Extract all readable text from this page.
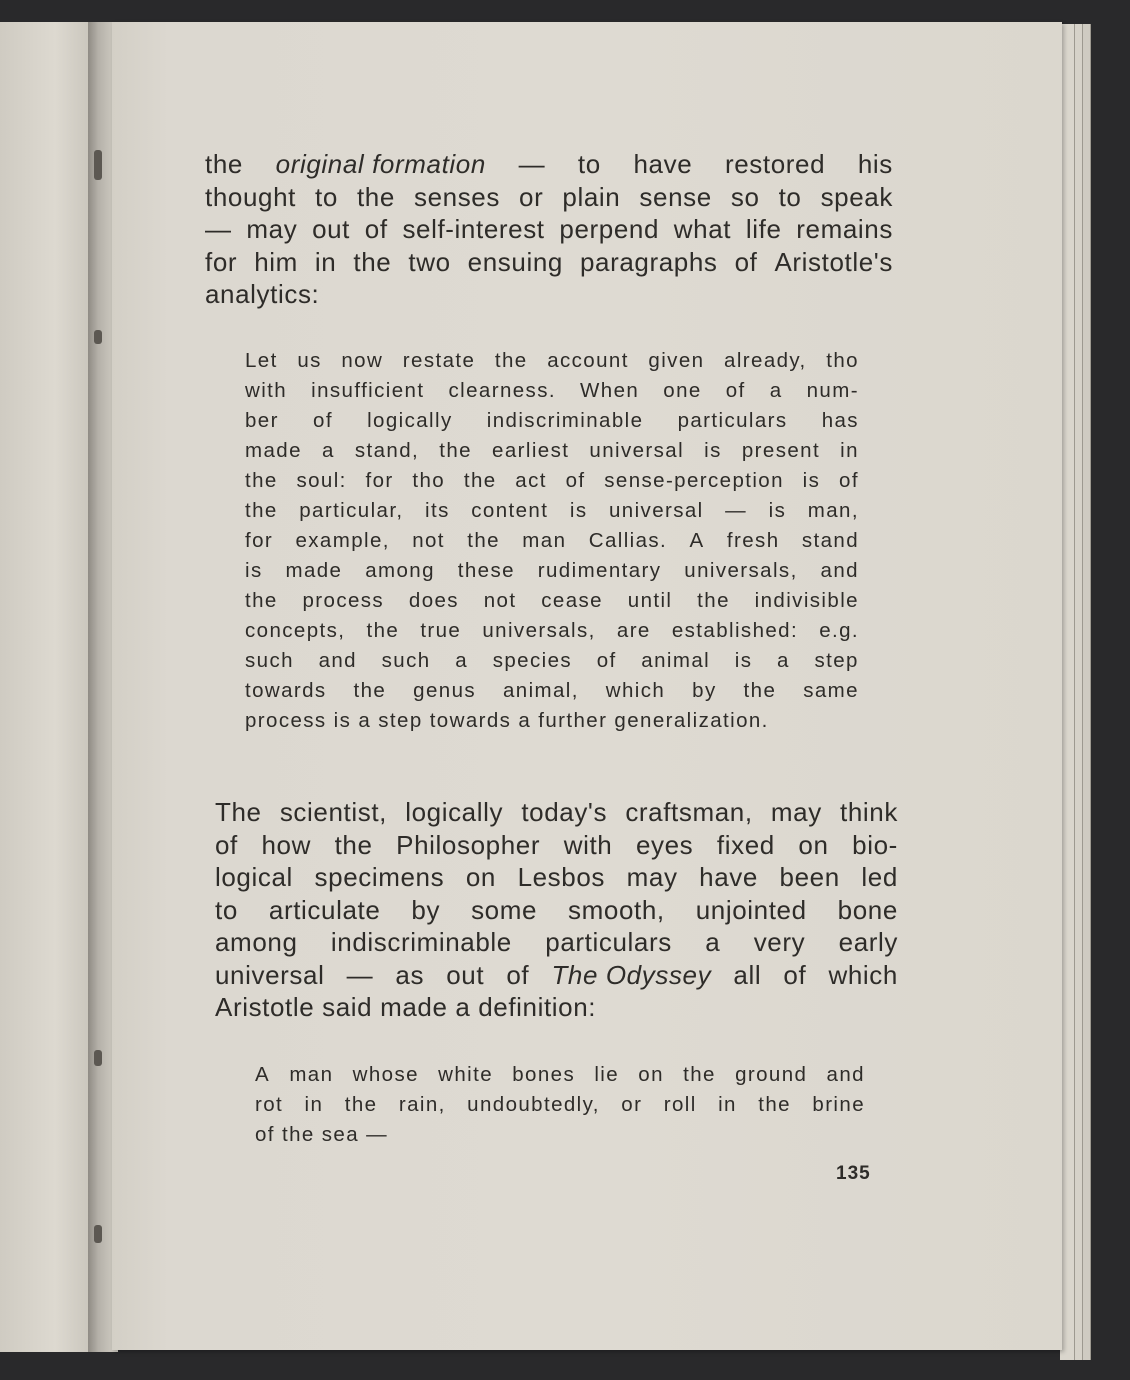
the original formation — to have restored his
thought to the senses or plain sense so to speak
— may out of self-interest perpend what life remains
for him in the two ensuing paragraphs of Aristotle's
analytics:
Let us now restate the account given already, tho
with insufficient clearness. When one of a num-
ber of logically indiscriminable particulars has
made a stand, the earliest universal is present in
the soul: for tho the act of sense-perception is of
the particular, its content is universal — is man,
for example, not the man Callias. A fresh stand
is made among these rudimentary universals, and
the process does not cease until the indivisible
concepts, the true universals, are established: e.g.
such and such a species of animal is a step
towards the genus animal, which by the same
process is a step towards a further generalization.
The scientist, logically today's craftsman, may think
of how the Philosopher with eyes fixed on bio-
logical specimens on Lesbos may have been led
to articulate by some smooth, unjointed bone
among indiscriminable particulars a very early
universal — as out of The Odyssey all of which
Aristotle said made a definition:
A man whose white bones lie on the ground and
rot in the rain, undoubtedly, or roll in the brine
of the sea —
135
